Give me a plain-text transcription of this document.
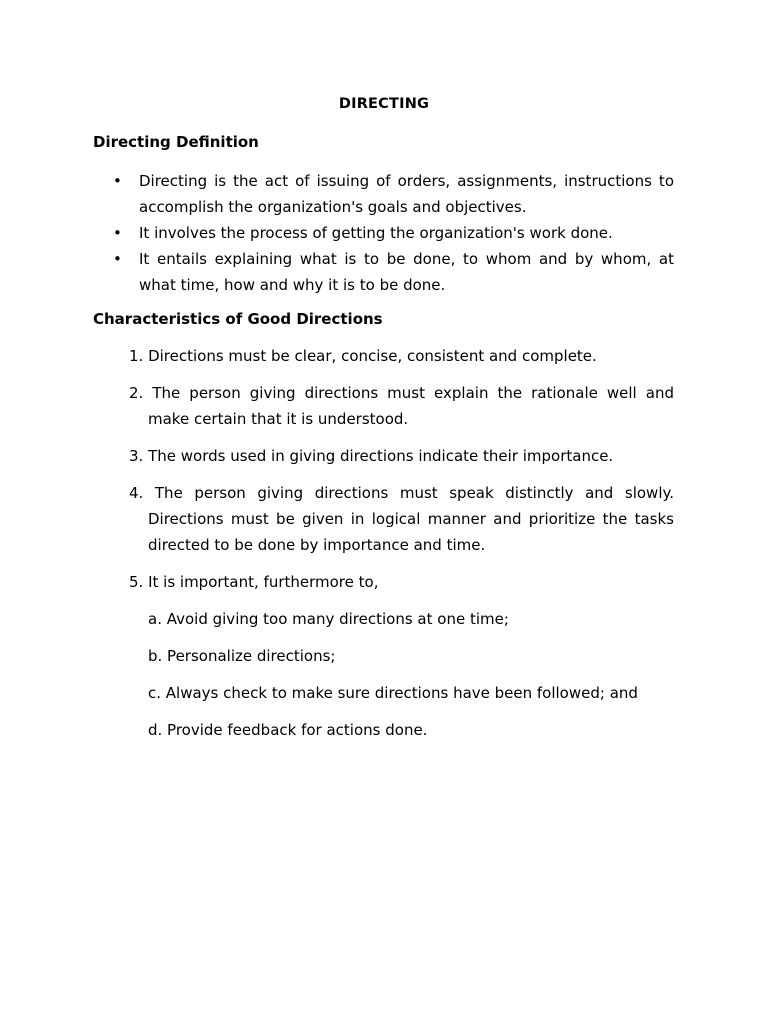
DIRECTING
Directing Definition
• Directing is the act of issuing of orders, assignments, instructions to accomplish the organization's goals and objectives.
• It involves the process of getting the organization's work done.
• It entails explaining what is to be done, to whom and by whom, at what time, how and why it is to be done.
Characteristics of Good Directions
1. Directions must be clear, concise, consistent and complete.
2. The person giving directions must explain the rationale well and make certain that it is understood.
3. The words used in giving directions indicate their importance.
4. The person giving directions must speak distinctly and slowly. Directions must be given in logical manner and prioritize the tasks directed to be done by importance and time.
5. It is important, furthermore to,
a. Avoid giving too many directions at one time;
b. Personalize directions;
c. Always check to make sure directions have been followed; and
d. Provide feedback for actions done.
